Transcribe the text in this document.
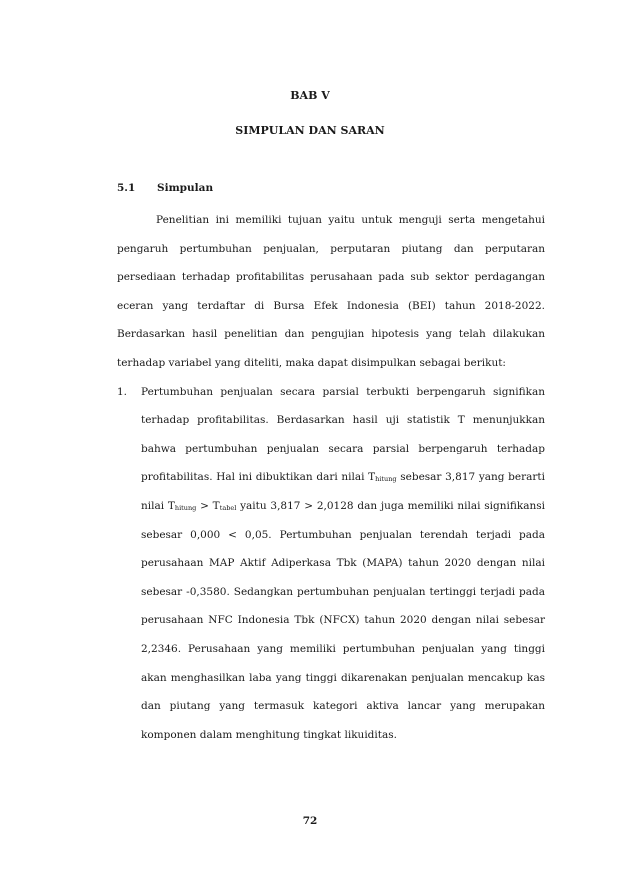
BAB V
SIMPULAN DAN SARAN
5.1 Simpulan

Penelitian ini memiliki tujuan yaitu untuk menguji serta mengetahui pengaruh pertumbuhan penjualan, perputaran piutang dan perputaran persediaan terhadap profitabilitas perusahaan pada sub sektor perdagangan eceran yang terdaftar di Bursa Efek Indonesia (BEI) tahun 2018-2022. Berdasarkan hasil penelitian dan pengujian hipotesis yang telah dilakukan terhadap variabel yang diteliti, maka dapat disimpulkan sebagai berikut:

1. Pertumbuhan penjualan secara parsial terbukti berpengaruh signifikan terhadap profitabilitas. Berdasarkan hasil uji statistik T menunjukkan bahwa pertumbuhan penjualan secara parsial berpengaruh terhadap profitabilitas. Hal ini dibuktikan dari nilai $T_{hitung}$ sebesar 3,817 yang berarti nilai $T_{hitung} > T_{tabel}$ yaitu 3,817 > 2,0128 dan juga memiliki nilai signifikansi sebesar 0,000 < 0,05. Pertumbuhan penjualan terendah terjadi pada perusahaan MAP Aktif Adiperkasa Tbk (MAPA) tahun 2020 dengan nilai sebesar -0,3580. Sedangkan pertumbuhan penjualan tertinggi terjadi pada perusahaan NFC Indonesia Tbk (NFCX) tahun 2020 dengan nilai sebesar 2,2346. Perusahaan yang memiliki pertumbuhan penjualan yang tinggi akan menghasilkan laba yang tinggi dikarenakan penjualan mencakup kas dan piutang yang termasuk kategori aktiva lancar yang merupakan komponen dalam menghitung tingkat likuiditas.
72
